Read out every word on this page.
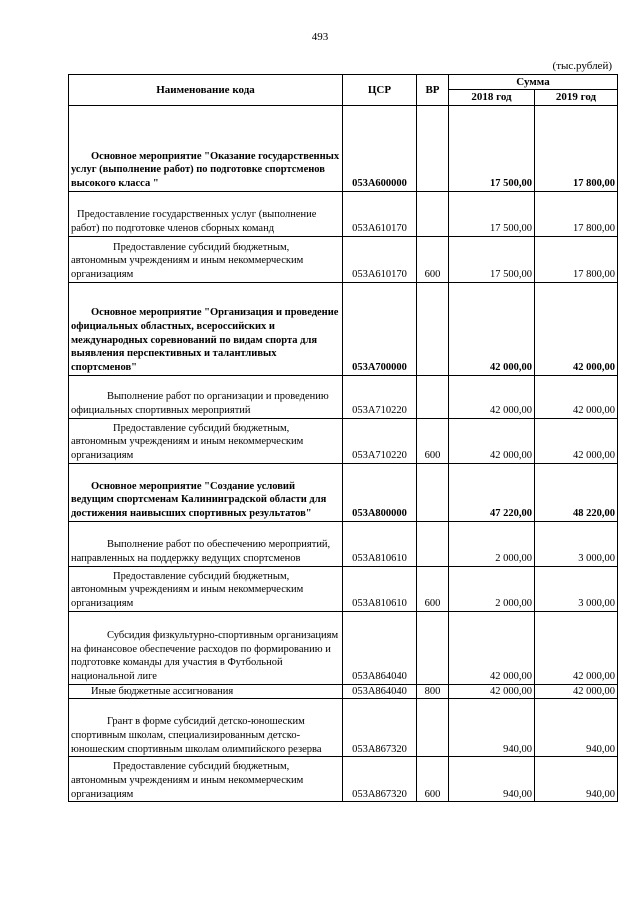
493
(тыс.рублей)
Наименование кода	ЦСР	ВР	Сумма	
			2018 год	2019 год

Основное мероприятие "Оказание государственных услуг (выполнение работ) по подготовке спортсменов высокого класса "	053А600000		17 500,00	17 800,00

Предоставление государственных услуг (выполнение работ) по подготовке членов сборных команд	053А610170		17 500,00	17 800,00

Предоставление субсидий бюджетным, автономным учреждениям и иным некоммерческим организациям	053А610170	600	17 500,00	17 800,00

Основное мероприятие "Организация и проведение официальных областных, всероссийских и международных соревнований по видам спорта для выявления перспективных и талантливых спортсменов"	053А700000		42 000,00	42 000,00

Выполнение работ по организации и проведению официальных спортивных мероприятий	053А710220		42 000,00	42 000,00

Предоставление субсидий бюджетным, автономным учреждениям и иным некоммерческим организациям	053А710220	600	42 000,00	42 000,00

Основное мероприятие "Создание условий ведущим спортсменам Калининградской области для достижения наивысших спортивных результатов"	053А800000		47 220,00	48 220,00

Выполнение работ по обеспечению мероприятий, направленных на поддержку ведущих спортсменов	053А810610		2 000,00	3 000,00

Предоставление субсидий бюджетным, автономным учреждениям и иным некоммерческим организациям	053А810610	600	2 000,00	3 000,00

Субсидия физкультурно-спортивным организациям на финансовое обеспечение расходов по формированию и подготовке команды для участия в Футбольной национальной лиге	053А864040		42 000,00	42 000,00

Иные бюджетные ассигнования	053А864040	800	42 000,00	42 000,00

Грант в форме субсидий детско-юношеским спортивным школам, специализированным детско-юношеским спортивным школам олимпийского резерва	053А867320		940,00	940,00

Предоставление субсидий бюджетным, автономным учреждениям и иным некоммерческим организациям	053А867320	600	940,00	940,00
